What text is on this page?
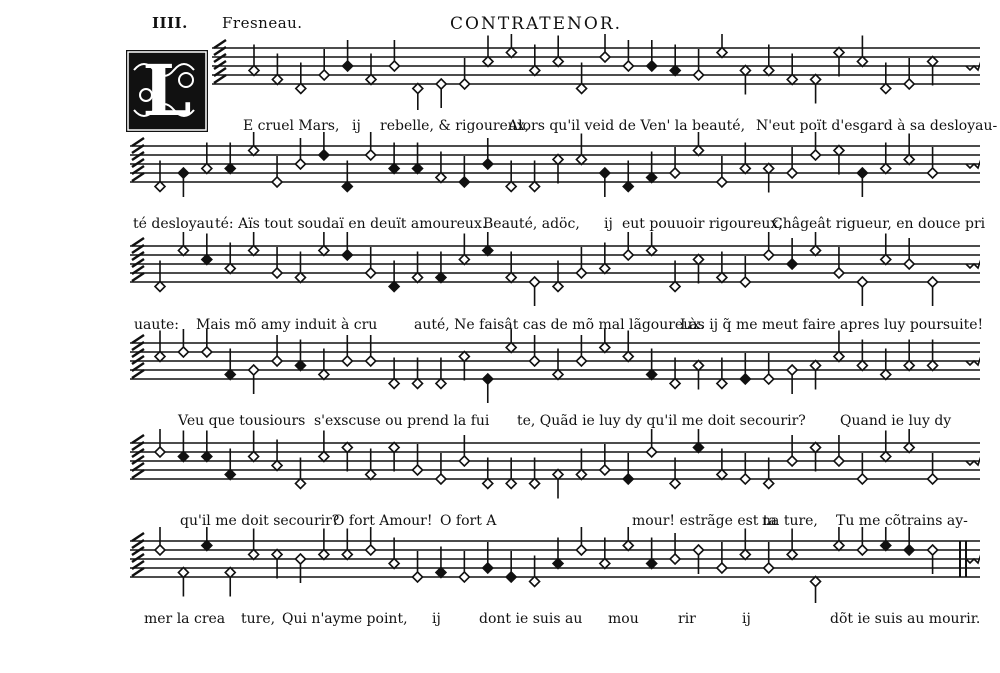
IIII. Fresneau.	CONTRATENOR.
L	E cruel Mars, ij rebelle, & rigoureux,
Alors qu'il veid de Ven' la beauté, N'eut poït d'esgard à sa desloyau-
té desloyau té: Aïs tout soudaï en deuït amoureux.
Beauté, adöc, ij eut pouuoir rigoureux,
Châgeât rigueur, en douce pri
uaute: Mais mõ amy induit à cru	auté, Ne faisât cas de mõ mal lãgoureux.
Làs ij q̃ me meut faire apres luy poursuite!
Veu que tousiours s'exscuse ou prend la fui te, Quãd ie luy dy qu'il me doit secourir? Quand ie luy dy
qu'il me doit secourir?
O fort Amour! O fort A	mour! estrãge est ta
na ture, Tu me cõtrains ay-
mer la crea ture, Qui n'ayme point, ij	dont ie suis au mou	rir	ij	dõt ie suis au mourir.
